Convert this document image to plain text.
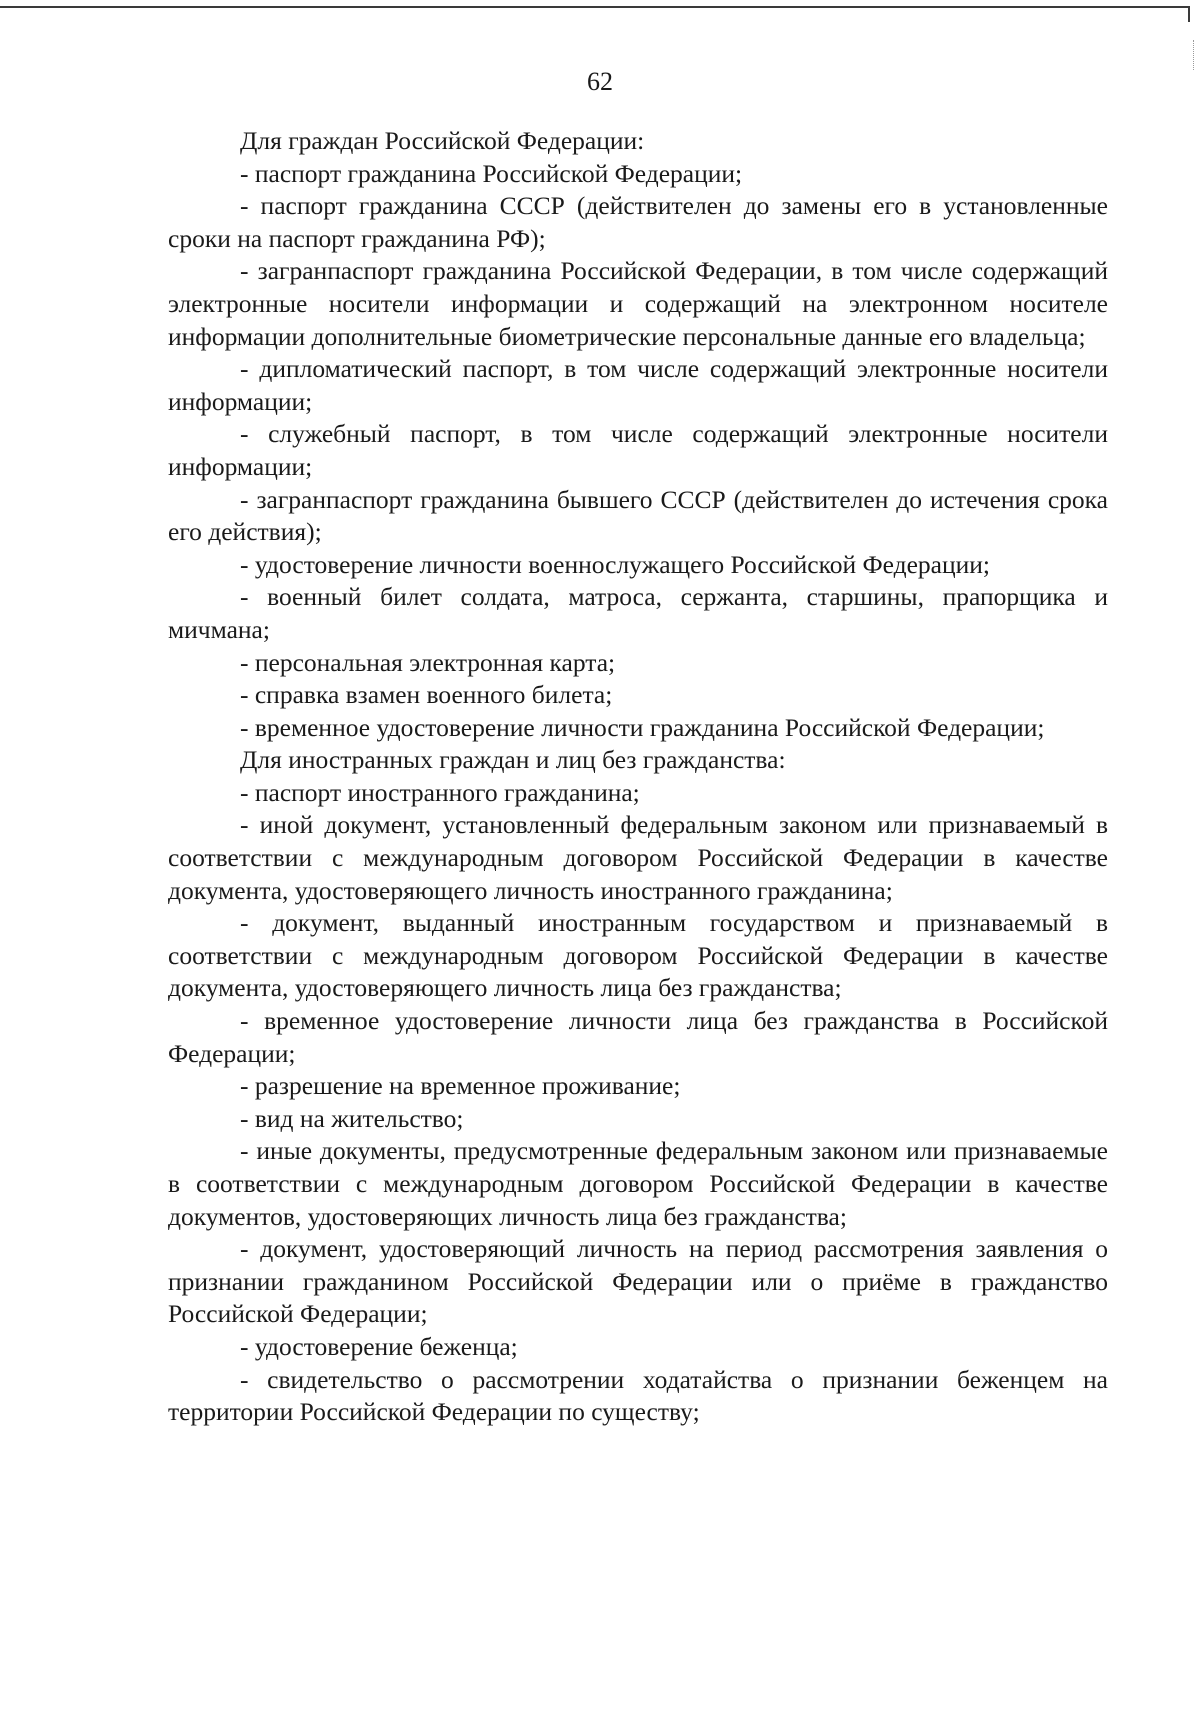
62

Для граждан Российской Федерации:

- паспорт гражданина Российской Федерации;

- паспорт гражданина СССР (действителен до замены его в установленные сроки на паспорт гражданина РФ);

- загранпаспорт гражданина Российской Федерации, в том числе содержащий электронные носители информации и содержащий на электронном носителе информации дополнительные биометрические персональные данные его владельца;

- дипломатический паспорт, в том числе содержащий электронные носители информации;

- служебный паспорт, в том числе содержащий электронные носители информации;

- загранпаспорт гражданина бывшего СССР (действителен до истечения срока его действия);

- удостоверение личности военнослужащего Российской Федерации;

- военный билет солдата, матроса, сержанта, старшины, прапорщика и мичмана;

- персональная электронная карта;

- справка взамен военного билета;

- временное удостоверение личности гражданина Российской Федерации;

Для иностранных граждан и лиц без гражданства:

- паспорт иностранного гражданина;

- иной документ, установленный федеральным законом или признаваемый в соответствии с международным договором Российской Федерации в качестве документа, удостоверяющего личность иностранного гражданина;

- документ, выданный иностранным государством и признаваемый в соответствии с международным договором Российской Федерации в качестве документа, удостоверяющего личность лица без гражданства;

- временное удостоверение личности лица без гражданства в Российской Федерации;

- разрешение на временное проживание;

- вид на жительство;

- иные документы, предусмотренные федеральным законом или признаваемые в соответствии с международным договором Российской Федерации в качестве документов, удостоверяющих личность лица без гражданства;

- документ, удостоверяющий личность на период рассмотрения заявления о признании гражданином Российской Федерации или о приёме в гражданство Российской Федерации;

- удостоверение беженца;

- свидетельство о рассмотрении ходатайства о признании беженцем на территории Российской Федерации по существу;
